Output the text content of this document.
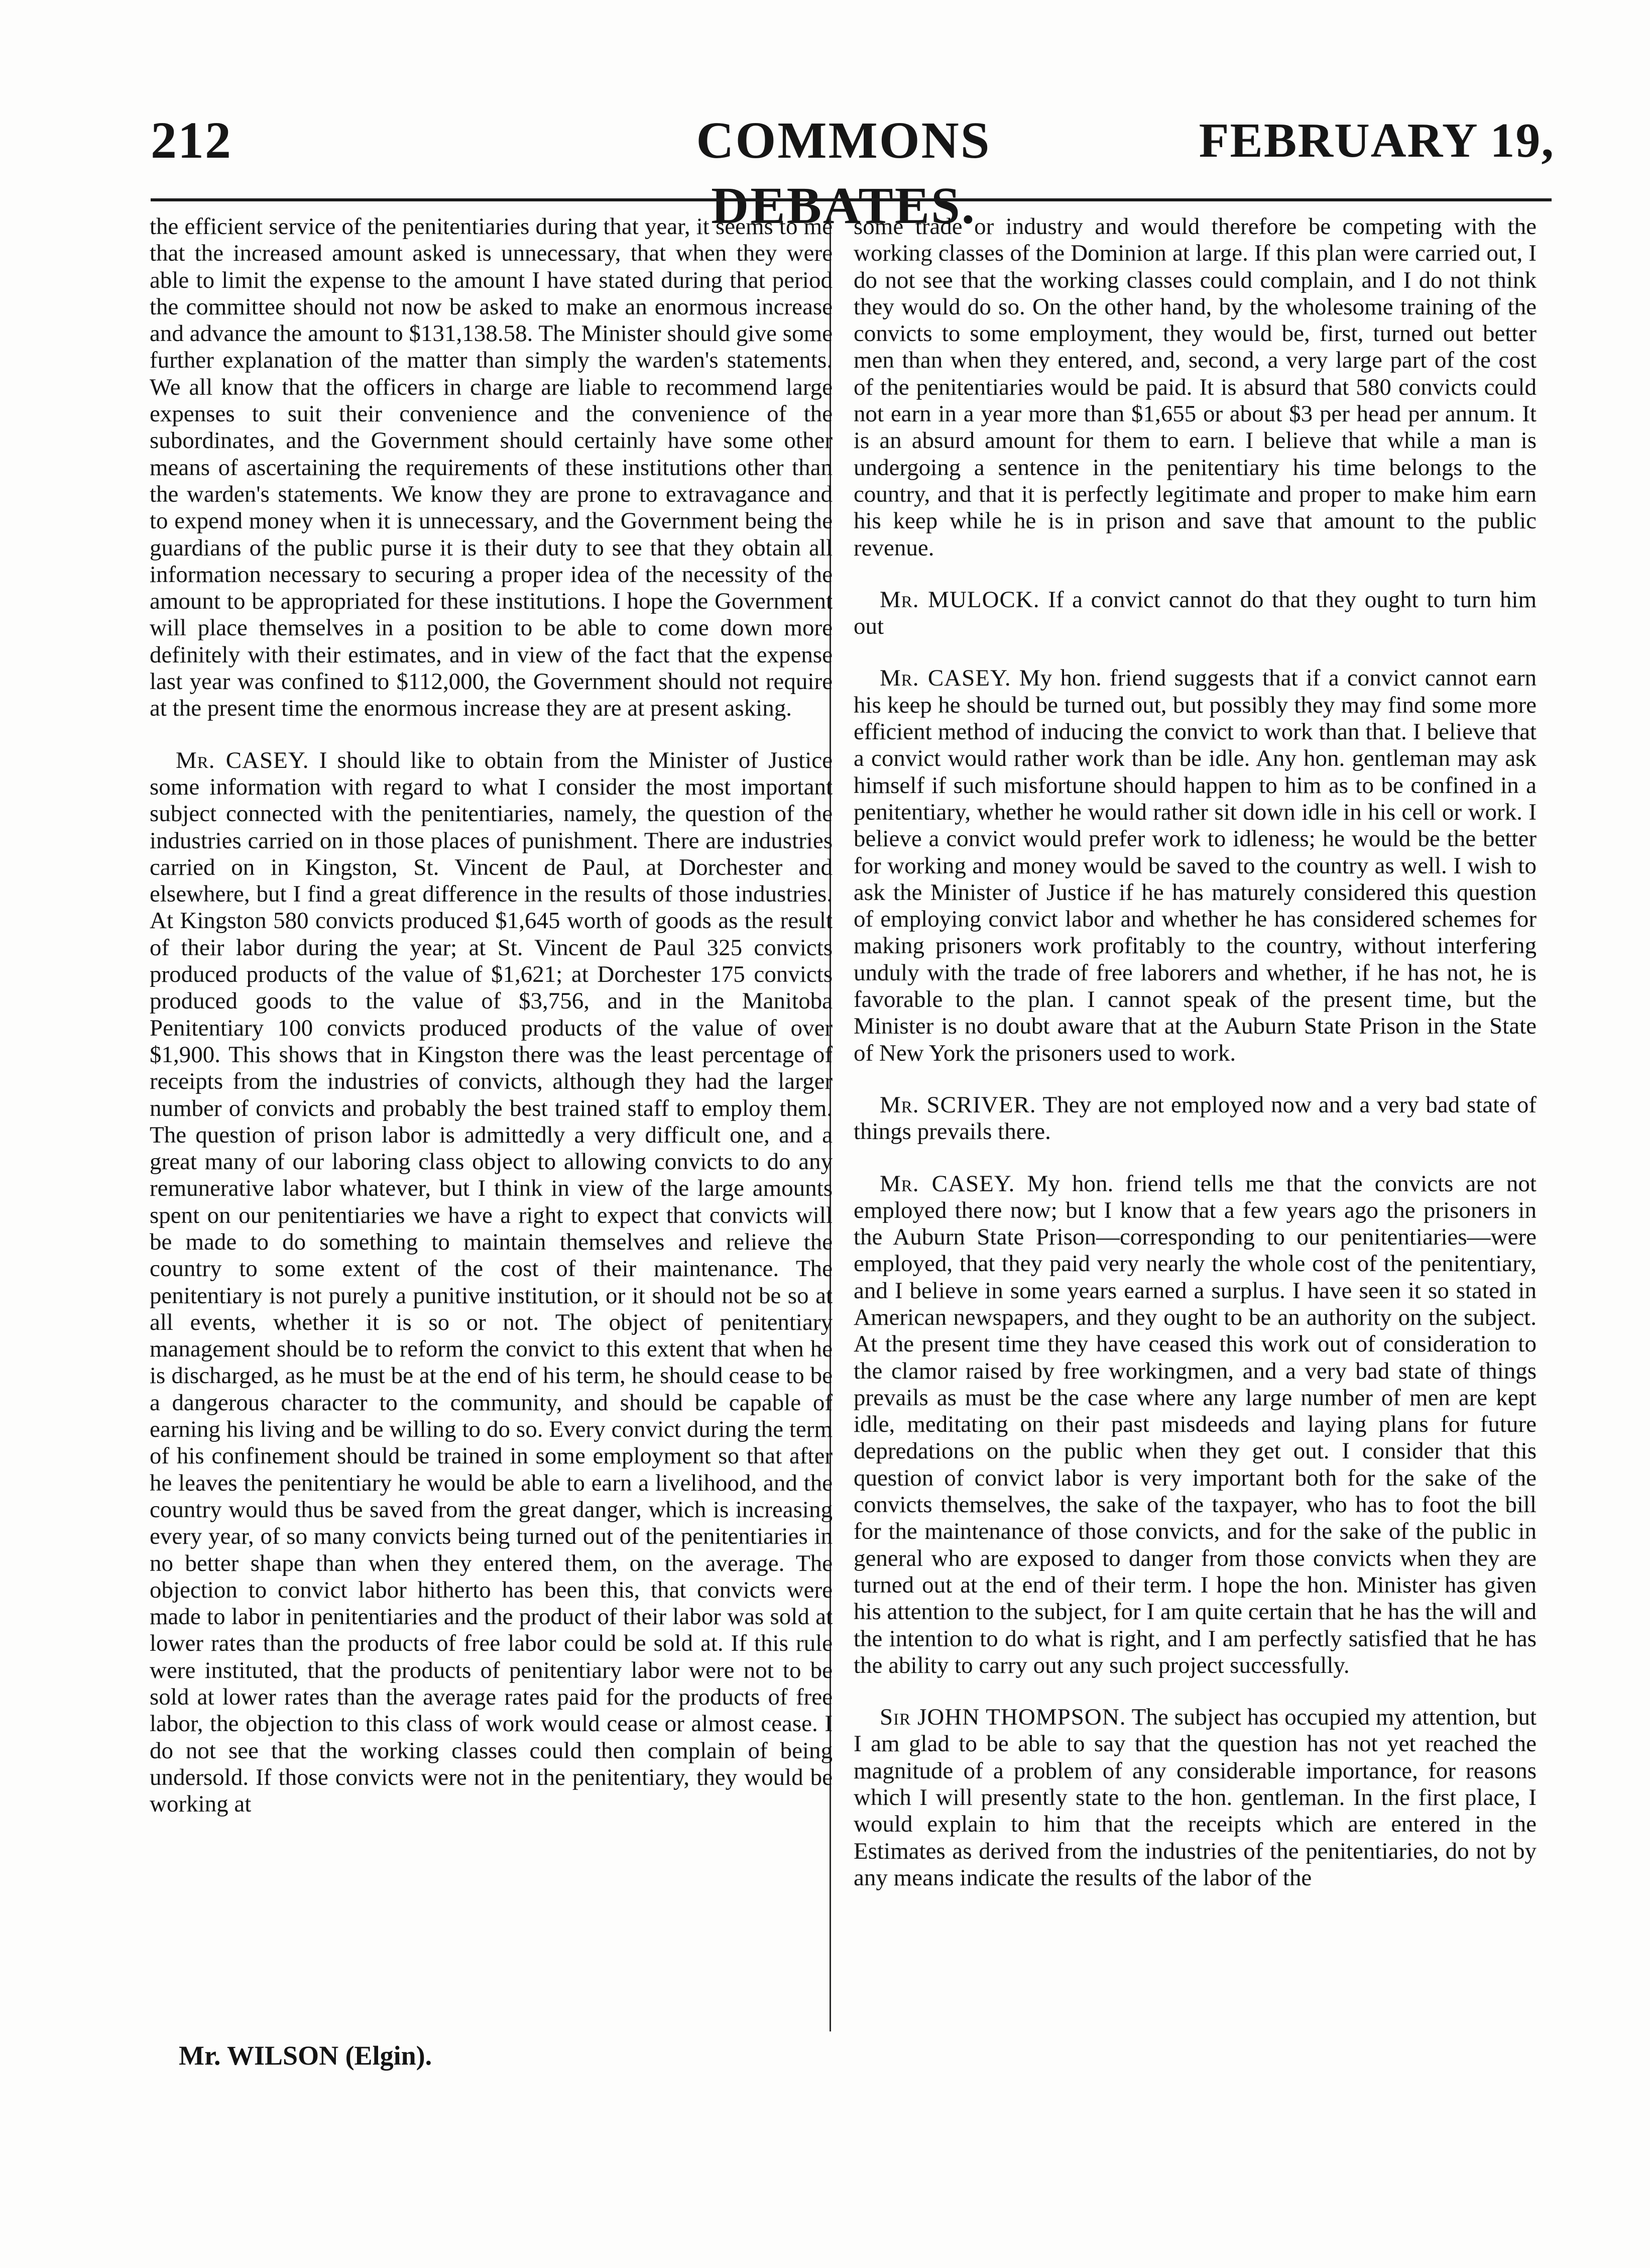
212	COMMONS DEBATES.
FEBRUARY 19,

the efficient service of the penitentiaries during that year, it seems to me that the increased amount asked is unnecessary, that when they were able to limit the expense to the amount I have stated during that period the committee should not now be asked to make an enormous increase and advance the amount to $131,138.58. The Minister should give some further explanation of the matter than simply the warden's statements. We all know that the officers in charge are liable to recommend large expenses to suit their convenience and the convenience of the subordinates, and the Government should certainly have some other means of ascertaining the requirements of these institutions other than the warden's statements. We know they are prone to extravagance and to expend money when it is unnecessary, and the Government being the guardians of the public purse it is their duty to see that they obtain all information necessary to securing a proper idea of the necessity of the amount to be appropriated for these institutions. I hope the Government will place themselves in a position to be able to come down more definitely with their estimates, and in view of the fact that the expense last year was confined to $112,000, the Government should not require at the present time the enormous increase they are at present asking.

Mr. CASEY. I should like to obtain from the Minister of Justice some information with regard to what I consider the most important subject connected with the penitentiaries, namely, the question of the industries carried on in those places of punishment. There are industries carried on in Kingston, St. Vincent de Paul, at Dorchester and elsewhere, but I find a great difference in the results of those industries. At Kingston 580 convicts produced $1,645 worth of goods as the result of their labor during the year; at St. Vincent de Paul 325 convicts produced products of the value of $1,621; at Dorchester 175 convicts produced goods to the value of $3,756, and in the Manitoba Penitentiary 100 convicts produced products of the value of over $1,900. This shows that in Kingston there was the least percentage of receipts from the industries of convicts, although they had the larger number of convicts and probably the best trained staff to employ them. The question of prison labor is admittedly a very difficult one, and a great many of our laboring class object to allowing convicts to do any remunerative labor whatever, but I think in view of the large amounts spent on our penitentiaries we have a right to expect that convicts will be made to do something to maintain themselves and relieve the country to some extent of the cost of their maintenance. The penitentiary is not purely a punitive institution, or it should not be so at all events, whether it is so or not. The object of penitentiary management should be to reform the convict to this extent that when he is discharged, as he must be at the end of his term, he should cease to be a dangerous character to the community, and should be capable of earning his living and be willing to do so. Every convict during the term of his confinement should be trained in some employment so that after he leaves the penitentiary he would be able to earn a livelihood, and the country would thus be saved from the great danger, which is increasing every year, of so many convicts being turned out of the penitentiaries in no better shape than when they entered them, on the average. The objection to convict labor hitherto has been this, that convicts were made to labor in penitentiaries and the product of their labor was sold at lower rates than the products of free labor could be sold at. If this rule were instituted, that the products of penitentiary labor were not to be sold at lower rates than the average rates paid for the products of free labor, the objection to this class of work would cease or almost cease. I do not see that the working classes could then complain of being undersold. If those convicts were not in the penitentiary, they would be working at

some trade or industry and would therefore be competing with the working classes of the Dominion at large. If this plan were carried out, I do not see that the working classes could complain, and I do not think they would do so. On the other hand, by the wholesome training of the convicts to some employment, they would be, first, turned out better men than when they entered, and, second, a very large part of the cost of the penitentiaries would be paid. It is absurd that 580 convicts could not earn in a year more than $1,655 or about $3 per head per annum. It is an absurd amount for them to earn. I believe that while a man is undergoing a sentence in the penitentiary his time belongs to the country, and that it is perfectly legitimate and proper to make him earn his keep while he is in prison and save that amount to the public revenue.

Mr. MULOCK. If a convict cannot do that they ought to turn him out

Mr. CASEY. My hon. friend suggests that if a convict cannot earn his keep he should be turned out, but possibly they may find some more efficient method of inducing the convict to work than that. I believe that a convict would rather work than be idle. Any hon. gentleman may ask himself if such misfortune should happen to him as to be confined in a penitentiary, whether he would rather sit down idle in his cell or work. I believe a convict would prefer work to idleness; he would be the better for working and money would be saved to the country as well. I wish to ask the Minister of Justice if he has maturely considered this question of employing convict labor and whether he has considered schemes for making prisoners work profitably to the country, without interfering unduly with the trade of free laborers and whether, if he has not, he is favorable to the plan. I cannot speak of the present time, but the Minister is no doubt aware that at the Auburn State Prison in the State of New York the prisoners used to work.

Mr. SCRIVER. They are not employed now and a very bad state of things prevails there.

Mr. CASEY. My hon. friend tells me that the convicts are not employed there now; but I know that a few years ago the prisoners in the Auburn State Prison—corresponding to our penitentiaries—were employed, that they paid very nearly the whole cost of the penitentiary, and I believe in some years earned a surplus. I have seen it so stated in American newspapers, and they ought to be an authority on the subject. At the present time they have ceased this work out of consideration to the clamor raised by free workingmen, and a very bad state of things prevails as must be the case where any large number of men are kept idle, meditating on their past misdeeds and laying plans for future depredations on the public when they get out. I consider that this question of convict labor is very important both for the sake of the convicts themselves, the sake of the taxpayer, who has to foot the bill for the maintenance of those convicts, and for the sake of the public in general who are exposed to danger from those convicts when they are turned out at the end of their term. I hope the hon. Minister has given his attention to the subject, for I am quite certain that he has the will and the intention to do what is right, and I am perfectly satisfied that he has the ability to carry out any such project successfully.

Sir JOHN THOMPSON. The subject has occupied my attention, but I am glad to be able to say that the question has not yet reached the magnitude of a problem of any considerable importance, for reasons which I will presently state to the hon. gentleman. In the first place, I would explain to him that the receipts which are entered in the Estimates as derived from the industries of the penitentiaries, do not by any means indicate the results of the labor of the

Mr. WILSON (Elgin).
